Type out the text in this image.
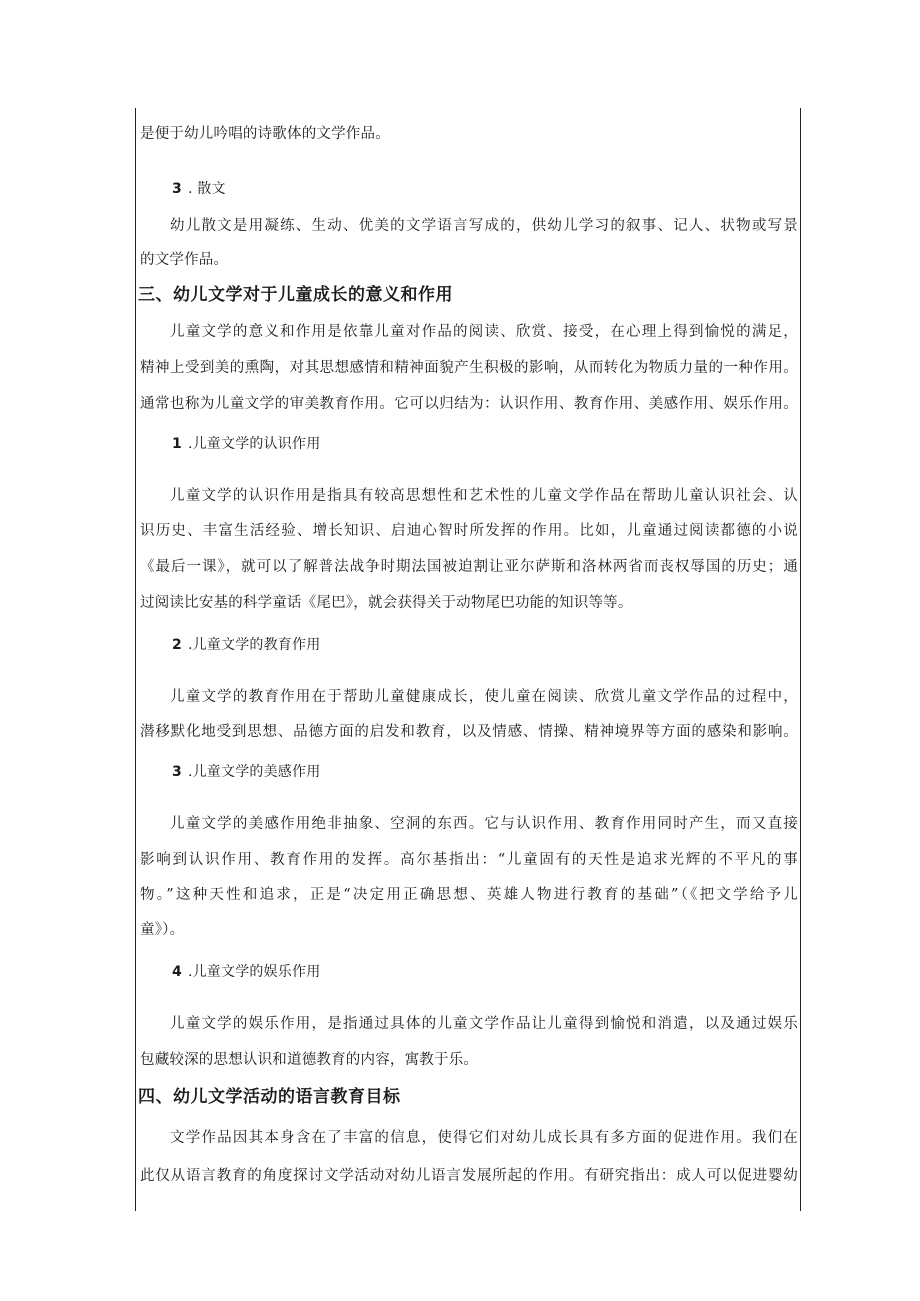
是便于幼儿吟唱的诗歌体的文学作品。
3 . 散文
幼儿散文是用凝练、生动、优美的文学语言写成的，供幼儿学习的叙事、记人、状物或写景
的文学作品。
三、幼儿文学对于儿童成长的意义和作用
儿童文学的意义和作用是依靠儿童对作品的阅读、欣赏、接受，在心理上得到愉悦的满足，
精神上受到美的熏陶，对其思想感情和精神面貌产生积极的影响，从而转化为物质力量的一种作用。
通常也称为儿童文学的审美教育作用。它可以归结为：认识作用、教育作用、美感作用、娱乐作用。
1 .儿童文学的认识作用
儿童文学的认识作用是指具有较高思想性和艺术性的儿童文学作品在帮助儿童认识社会、认
识历史、丰富生活经验、增长知识、启迪心智时所发挥的作用。比如，儿童通过阅读都德的小说
《最后一课》，就可以了解普法战争时期法国被迫割让亚尔萨斯和洛林两省而丧权辱国的历史；通
过阅读比安基的科学童话《尾巴》，就会获得关于动物尾巴功能的知识等等。
2 .儿童文学的教育作用
儿童文学的教育作用在于帮助儿童健康成长，使儿童在阅读、欣赏儿童文学作品的过程中，
潜移默化地受到思想、品德方面的启发和教育，以及情感、情操、精神境界等方面的感染和影响。
3 .儿童文学的美感作用
儿童文学的美感作用绝非抽象、空洞的东西。它与认识作用、教育作用同时产生，而又直接
影响到认识作用、教育作用的发挥。高尔基指出：“儿童固有的天性是追求光辉的不平凡的事
物。”这种天性和追求，正是“决定用正确思想、英雄人物进行教育的基础”（《把文学给予儿
童》）。
4 .儿童文学的娱乐作用
儿童文学的娱乐作用，是指通过具体的儿童文学作品让儿童得到愉悦和消遣，以及通过娱乐
包藏较深的思想认识和道德教育的内容，寓教于乐。
四、幼儿文学活动的语言教育目标
文学作品因其本身含在了丰富的信息，使得它们对幼儿成长具有多方面的促进作用。我们在
此仅从语言教育的角度探讨文学活动对幼儿语言发展所起的作用。有研究指出：成人可以促进婴幼
